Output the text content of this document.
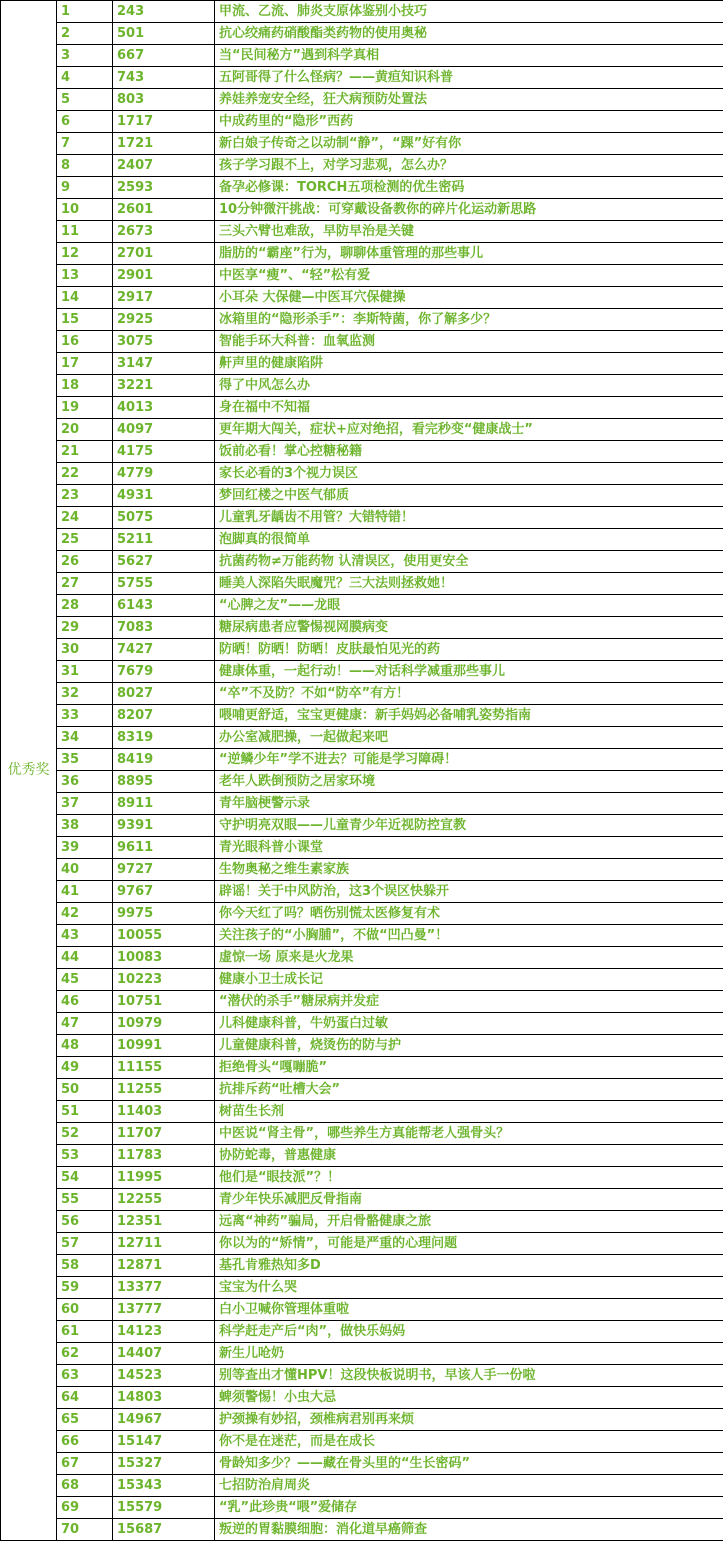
优秀奖	1	243	甲流、乙流、肺炎支原体鉴别小技巧
	2	501	抗心绞痛药硝酸酯类药物的使用奥秘
	3	667	当“民间秘方”遇到科学真相
	4	743	五阿哥得了什么怪病？——黄疸知识科普
	5	803	养娃养宠安全经，狂犬病预防处置法
	6	1717	中成药里的“隐形”西药
	7	1721	新白娘子传奇之以动制“静”，“踝”好有你
	8	2407	孩子学习跟不上，对学习悲观，怎么办？
	9	2593	备孕必修课：TORCH五项检测的优生密码
	10	2601	10分钟微汗挑战：可穿戴设备教你的碎片化运动新思路
	11	2673	三头六臂也难敌，早防早治是关键
	12	2701	脂肪的“霸座”行为，聊聊体重管理的那些事儿
	13	2901	中医享“瘦”、“轻”松有爱
	14	2917	小耳朵 大保健—中医耳穴保健操
	15	2925	冰箱里的“隐形杀手”：李斯特菌，你了解多少？
	16	3075	智能手环大科普：血氧监测
	17	3147	鼾声里的健康陷阱
	18	3221	得了中风怎么办
	19	4013	身在福中不知福
	20	4097	更年期大闯关，症状+应对绝招，看完秒变“健康战士”
	21	4175	饭前必看！掌心控糖秘籍
	22	4779	家长必看的3个视力误区
	23	4931	梦回红楼之中医气郁质
	24	5075	儿童乳牙龋齿不用管？大错特错！
	25	5211	泡脚真的很简单
	26	5627	抗菌药物≠万能药物 认清误区，使用更安全
	27	5755	睡美人深陷失眠魔咒？三大法则拯救她！
	28	6143	“心脾之友”——龙眼
	29	7083	糖尿病患者应警惕视网膜病变
	30	7427	防晒！防晒！防晒！皮肤最怕见光的药
	31	7679	健康体重，一起行动！——对话科学减重那些事儿
	32	8027	“卒”不及防？不如“防卒”有方！
	33	8207	喂哺更舒适，宝宝更健康：新手妈妈必备哺乳姿势指南
	34	8319	办公室减肥操，一起做起来吧
	35	8419	“逆鳞少年”学不进去？可能是学习障碍！
	36	8895	老年人跌倒预防之居家环境
	37	8911	青年脑梗警示录
	38	9391	守护明亮双眼——儿童青少年近视防控宣教
	39	9611	青光眼科普小课堂
	40	9727	生物奥秘之维生素家族
	41	9767	辟谣！关于中风防治，这3个误区快躲开
	42	9975	你今天红了吗？晒伤别慌太医修复有术
	43	10055	关注孩子的“小胸脯”，不做“凹凸曼”！
	44	10083	虚惊一场 原来是火龙果
	45	10223	健康小卫士成长记
	46	10751	“潜伏的杀手”糖尿病并发症
	47	10979	儿科健康科普，牛奶蛋白过敏
	48	10991	儿童健康科普，烧烫伤的防与护
	49	11155	拒绝骨头“嘎嘣脆”
	50	11255	抗排斥药“吐槽大会”
	51	11403	树苗生长剂
	52	11707	中医说“肾主骨”，哪些养生方真能帮老人强骨头？
	53	11783	协防蛇毒，普惠健康
	54	11995	他们是“眼技派”？！
	55	12255	青少年快乐减肥反骨指南
	56	12351	远离“神药”骗局，开启骨骼健康之旅
	57	12711	你以为的“矫情”，可能是严重的心理问题
	58	12871	基孔肯雅热知多D
	59	13377	宝宝为什么哭
	60	13777	白小卫喊你管理体重啦
	61	14123	科学赶走产后“肉”，做快乐妈妈
	62	14407	新生儿呛奶
	63	14523	别等查出才懂HPV！这段快板说明书，早该人手一份啦
	64	14803	蜱须警惕！小虫大忌
	65	14967	护颈操有妙招，颈椎病君别再来烦
	66	15147	你不是在迷茫，而是在成长
	67	15327	骨龄知多少？——藏在骨头里的“生长密码”
	68	15343	七招防治肩周炎
	69	15579	“乳”此珍贵“喂”爱储存
	70	15687	叛逆的胃黏膜细胞：消化道早癌筛查
